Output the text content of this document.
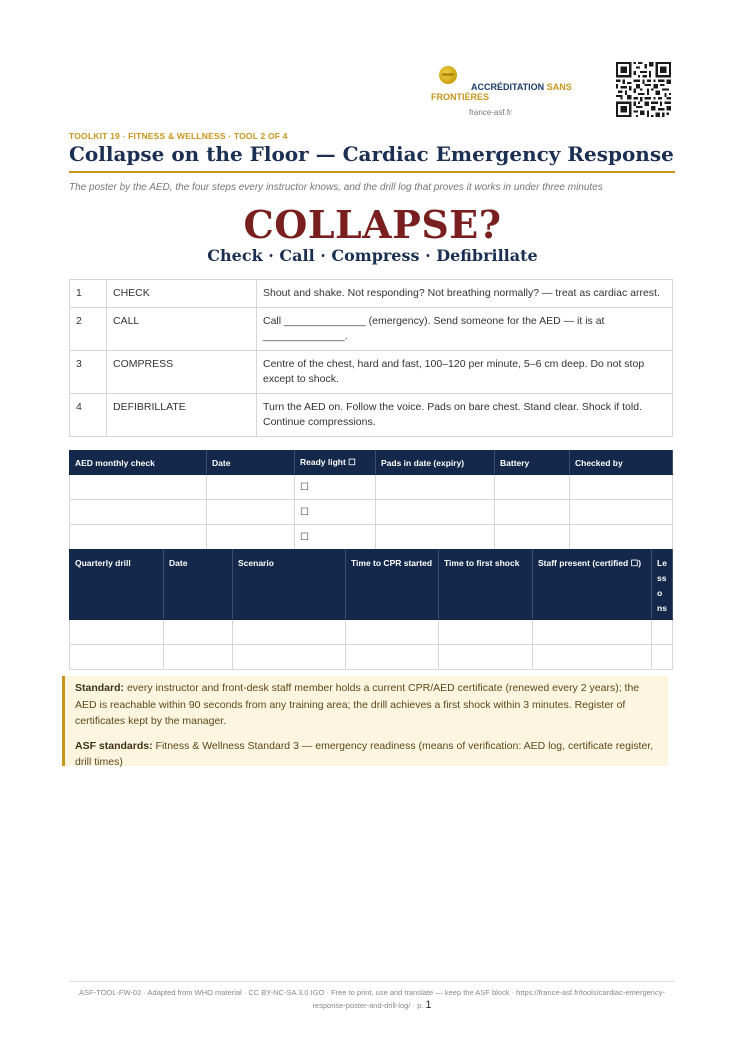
ACCRÉDITATION SANS
FRONTIÈRES
france-asf.fr
TOOLKIT 19 · FITNESS & WELLNESS · TOOL 2 OF 4
Collapse on the Floor — Cardiac Emergency Response
The poster by the AED, the four steps every instructor knows, and the drill log that proves it works in under three minutes
COLLAPSE?
Check · Call · Compress · Defibrillate
1	CHECK	Shout and shake. Not responding? Not breathing normally? — treat as cardiac arrest.
2	CALL	Call ______________ (emergency). Send someone for the AED — it is at ______________.
3	COMPRESS	Centre of the chest, hard and fast, 100–120 per minute, 5–6 cm deep. Do not stop except to shock.
4	DEFIBRILLATE	Turn the AED on. Follow the voice. Pads on bare chest. Stand clear. Shock if told. Continue compressions.
AED monthly check	Date	Ready light ☐	Pads in date (expiry)	Battery	Checked by
		☐			
		☐			
		☐			
Quarterly drill	Date	Scenario	Time to CPR started	Time to first shock	Staff present (certified ☐)	Lessons

Standard: every instructor and front-desk staff member holds a current CPR/AED certificate (renewed every 2 years); the AED is reachable within 90 seconds from any training area; the drill achieves a first shock within 3 minutes. Register of certificates kept by the manager.

ASF standards: Fitness & Wellness Standard 3 — emergency readiness (means of verification: AED log, certificate register, drill times)

ASF-TOOL-FW-02 · Adapted from WHO material · CC BY-NC-SA 3.0 IGO · Free to print, use and translate — keep the ASF block · https://france-asf.fr/tools/cardiac-emergency-response-poster-and-drill-log/ · p. 1
